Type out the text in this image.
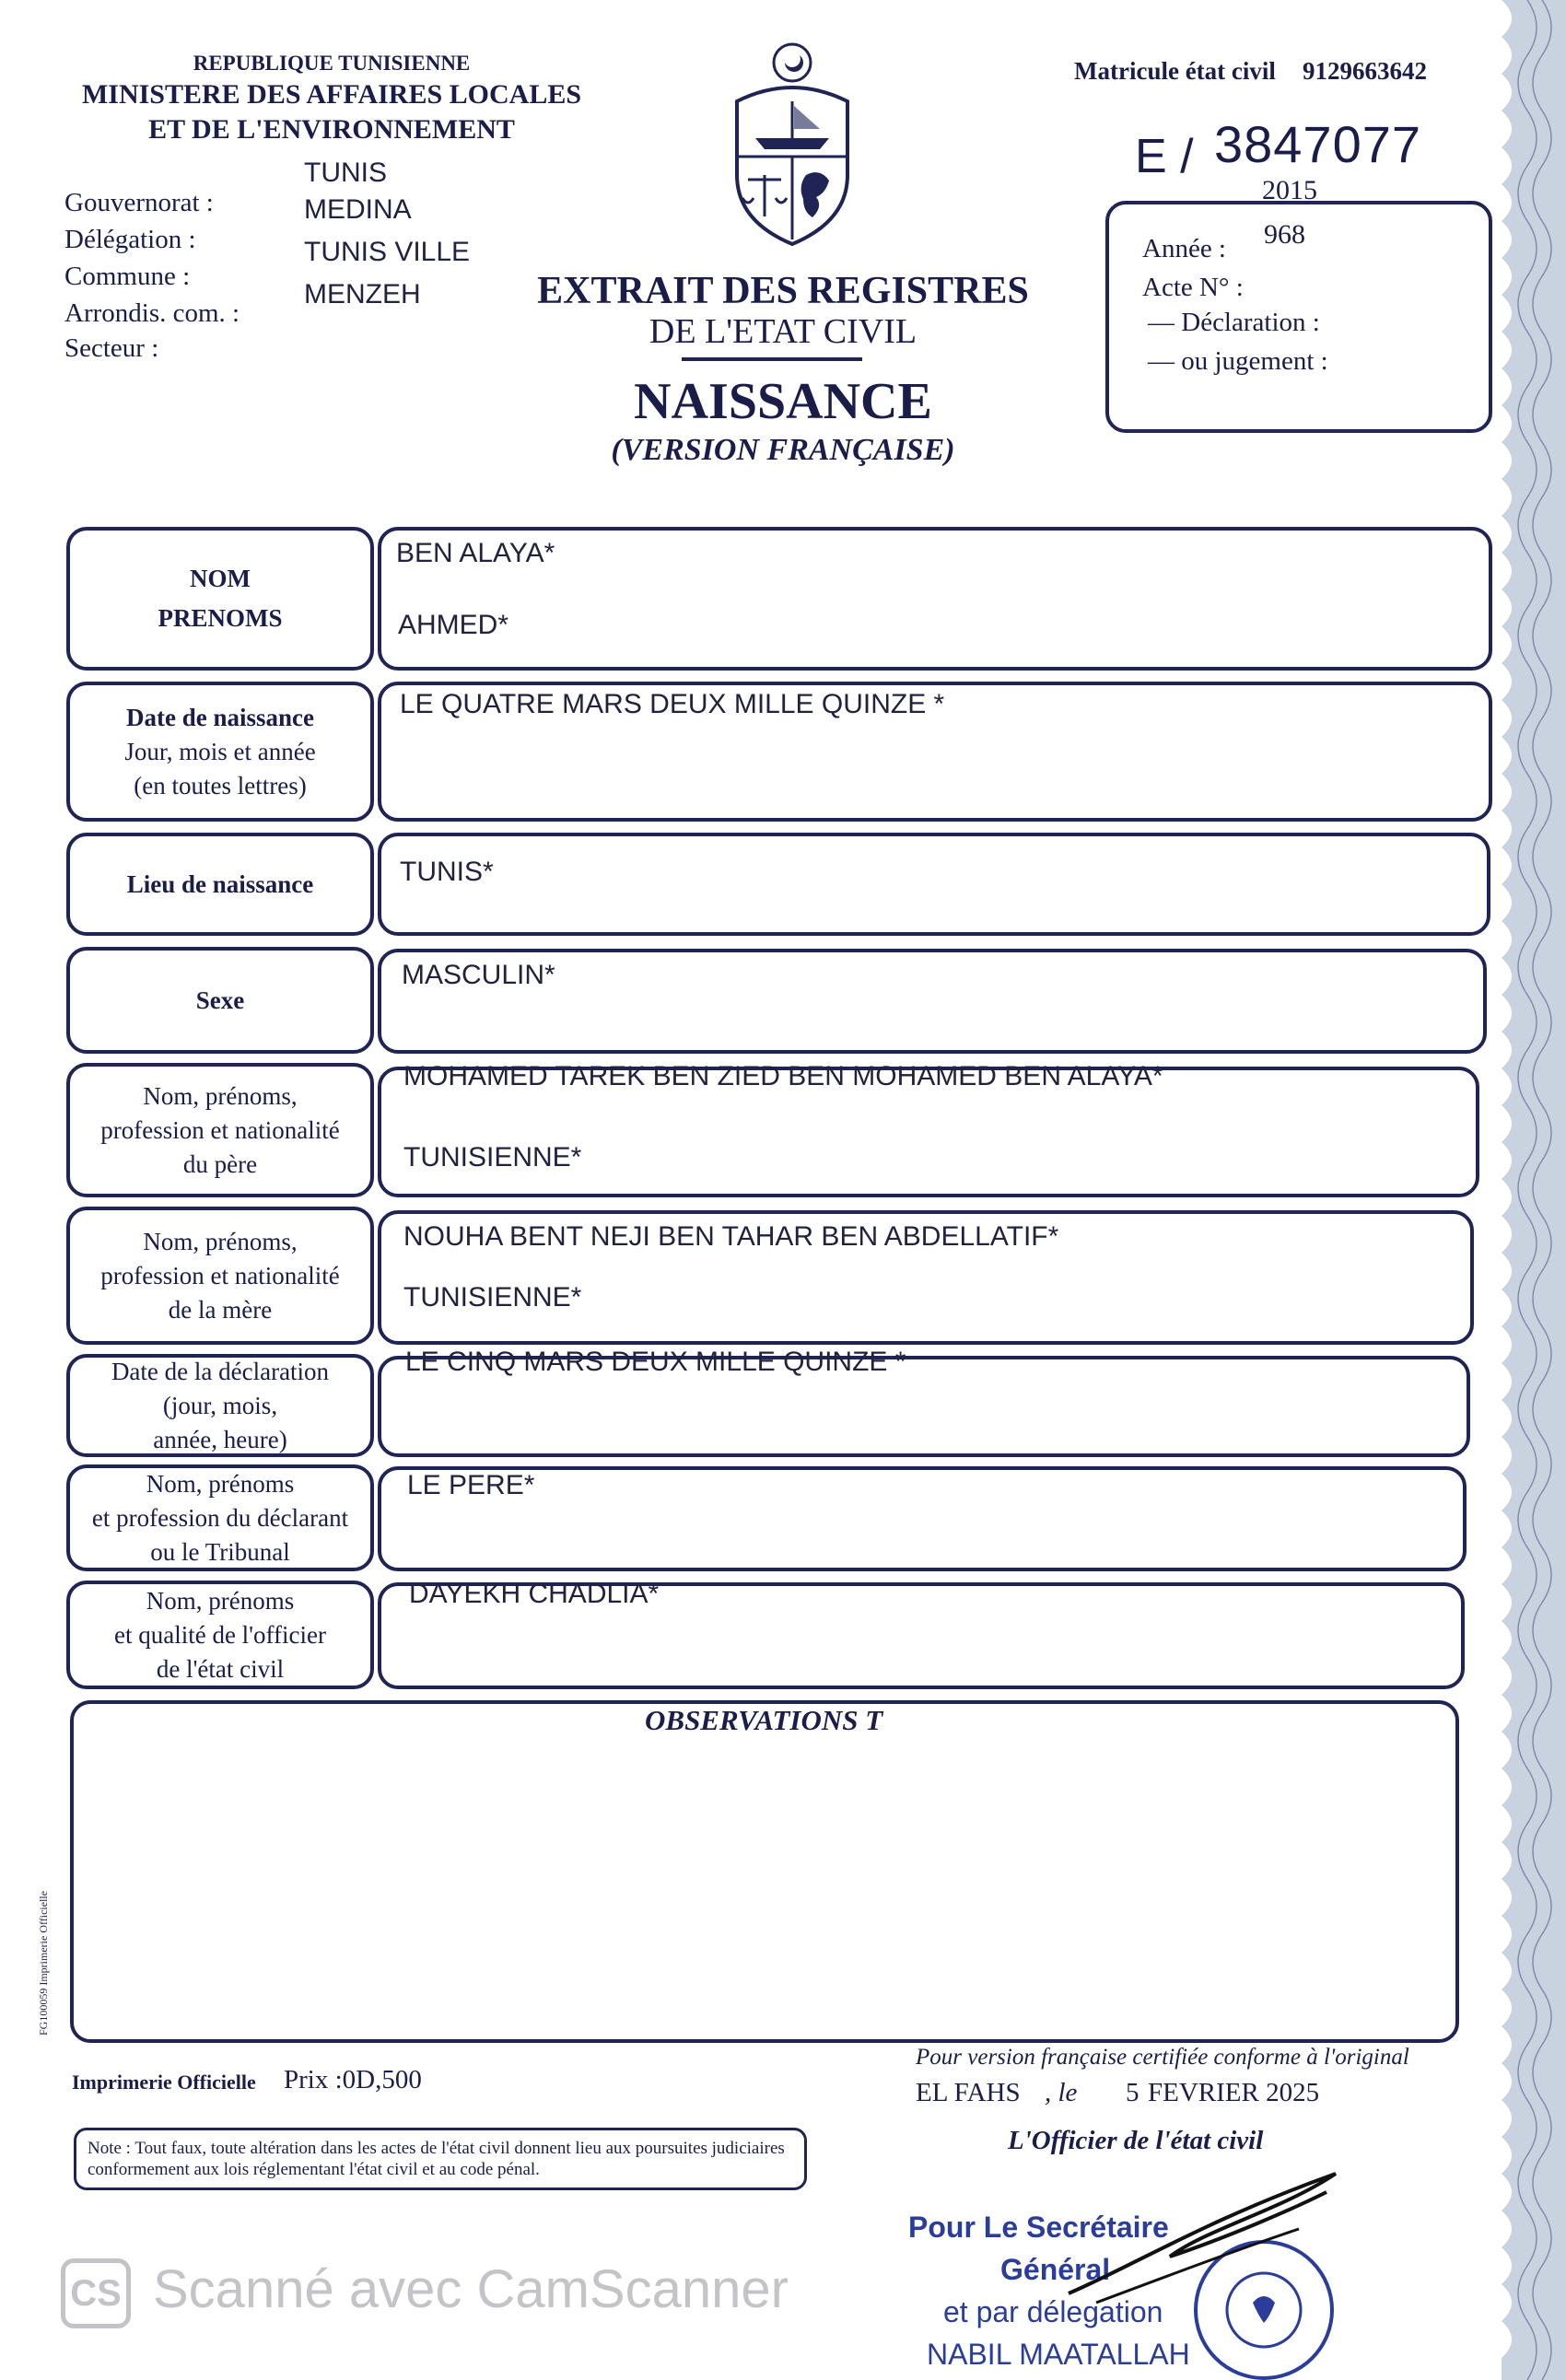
REPUBLIQUE TUNISIENNE
MINISTERE DES AFFAIRES LOCALES
ET DE L'ENVIRONNEMENT
Gouvernorat :
Délégation :
Commune :
Arrondis. com. :
Secteur :
TUNIS
MEDINA
TUNIS VILLE
MENZEH
Matricule état civil 9129663642
E / 3847077
2015
Année : 968
Acte N° :
— Déclaration :
— ou jugement :
EXTRAIT DES REGISTRES
DE L'ETAT CIVIL
NAISSANCE
(VERSION FRANÇAISE)
NOM
PRENOMS
BEN ALAYA*
AHMED*
Date de naissance
Jour, mois et année
(en toutes lettres)
LE QUATRE MARS DEUX MILLE QUINZE *
Lieu de naissance	TUNIS*
Sexe
MASCULIN*
Nom, prénoms,
profession et nationalité
du père
MOHAMED TAREK BEN ZIED BEN MOHAMED BEN ALAYA*
TUNISIENNE*
Nom, prénoms,
profession et nationalité
de la mère
NOUHA BENT NEJI BEN TAHAR BEN ABDELLATIF*
TUNISIENNE*
Date de la déclaration
(jour, mois,
année, heure)
LE CINQ MARS DEUX MILLE QUINZE *
Nom, prénoms
et profession du déclarant
ou le Tribunal
LE PERE*
Nom, prénoms
et qualité de l'officier
de l'état civil
DAYEKH CHADLIA*
OBSERVATIONS T
FG100059 Imprimerie Officielle
Imprimerie Officielle Prix :0D,500
Note : Tout faux, toute altération dans les actes de l'état civil donnent lieu aux poursuites judiciaires conformement aux lois réglementant l'état civil et au code pénal.
Pour version française certifiée conforme à l'original
EL FAHS , le 5 FEVRIER 2025
L'Officier de l'état civil
Pour Le Secrétaire
Général
et par délegation
NABIL MAATALLAH
CS Scanné avec CamScanner
